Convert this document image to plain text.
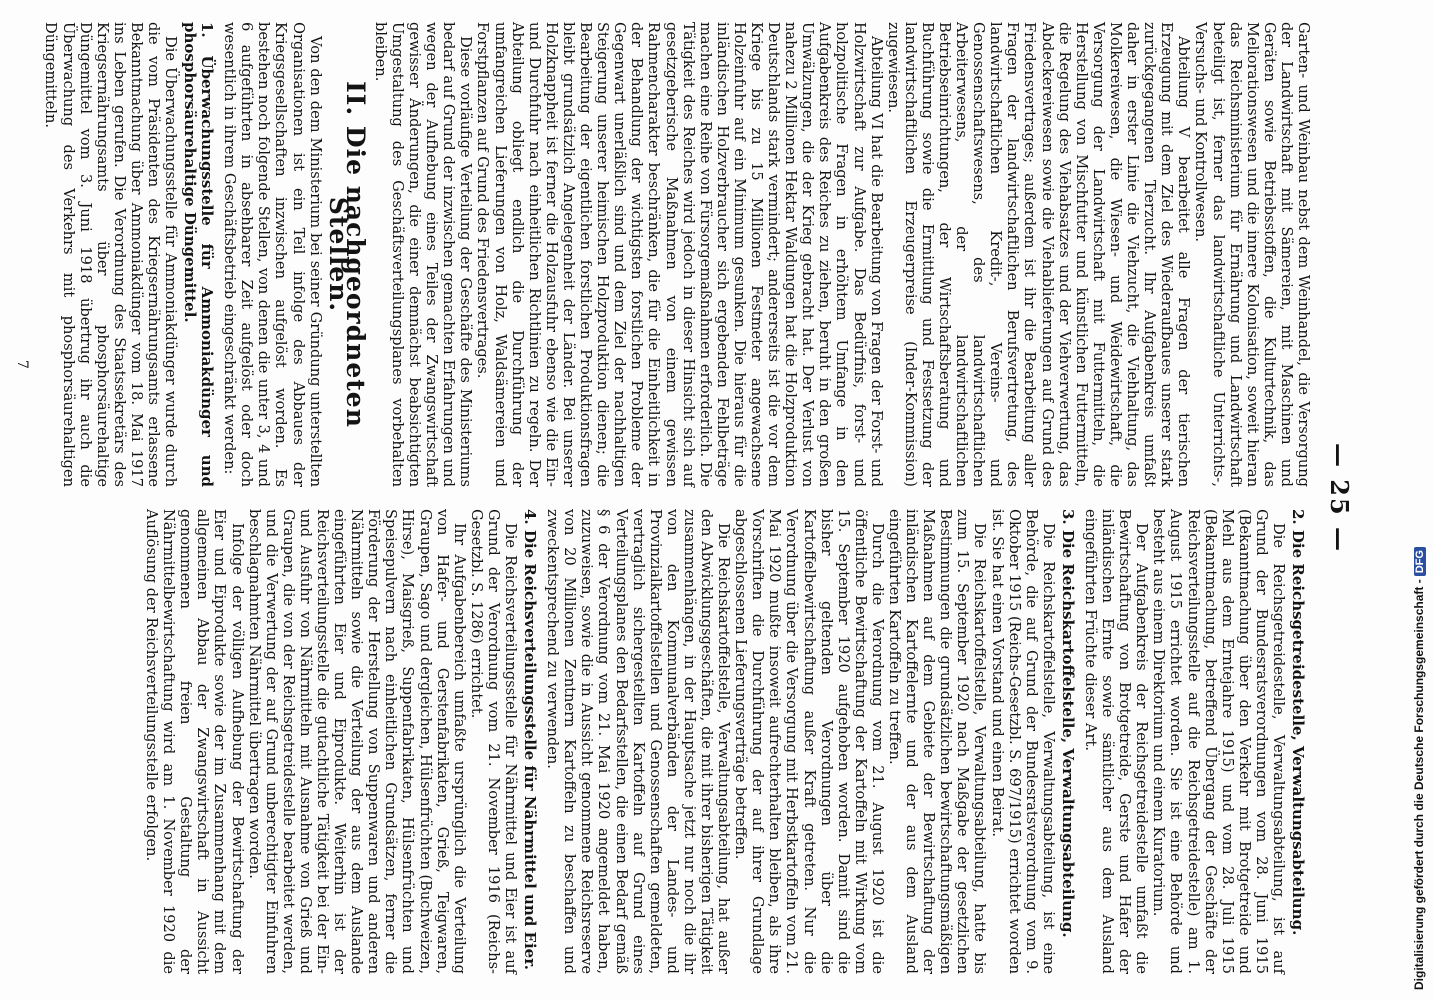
— 25 —

Garten- und Weinbau nebst dem Weinhandel, die Versorgung der Landwirtschaft mit Sämereien, mit Maschinen und Geräten sowie Betriebsstoffen, die Kulturtechnik, das Meliorationswesen und die innere Kolonisation, soweit hieran das Reichsministerium für Ernährung und Landwirtschaft beteiligt ist, ferner das landwirtschaftliche Unterrichts-, Versuchs- und Kontrollwesen.

Abteilung V bearbeitet alle Fragen der tierischen Erzeugung mit dem Ziel des Wiederaufbaues unserer stark zurückgegangenen Tierzucht. Ihr Aufgabenkreis umfaßt daher in erster Linie die Viehzucht, die Viehhaltung, das Molkereiwesen, die Wiesen- und Weidewirtschaft, die Versorgung der Landwirtschaft mit Futtermitteln, die Herstellung von Mischfutter und künstlichen Futtermitteln, die Regelung des Viehabsatzes und der Viehverwertung, das Abdeckereiwesen sowie die Viehablieferungen auf Grund des Friedensvertrages; außerdem ist ihr die Bearbeitung aller Fragen der landwirtschaftlichen Berufsvertretung, des landwirtschaftlichen Kredit-, Vereins- und Genossenschaftswesens, des landwirtschaftlichen Arbeiterwesens, der landwirtschaftlichen Betriebseinrichtungen, der Wirtschaftsberatung und Buchführung sowie die Ermittlung und Festsetzung der landwirtschaftlichen Erzeugerpreise (Inder-Kommission) zugewiesen.

Abteilung VI hat die Bearbeitung von Fragen der Forst- und Holzwirtschaft zur Aufgabe. Das Bedürfnis, forst- und holzpolitische Fragen in erhöhtem Umfange in den Aufgabenkreis des Reiches zu ziehen, beruht in den großen Umwälzungen, die der Krieg gebracht hat. Der Verlust von nahezu 2 Millionen Hektar Waldungen hat die Holzproduktion Deutschlands stark vermindert; andererseits ist die vor dem Kriege bis zu 15 Millionen Festmeter angewachsene Holzeinfuhr auf ein Minimum gesunken. Die hieraus für die inländischen Holzverbraucher sich ergebenden Fehlbeträge machen eine Reihe von Fürsorgemaßnahmen erforderlich. Die Tätigkeit des Reiches wird jedoch in dieser Hinsicht sich auf gesetzgeberische Maßnahmen von einem gewissen Rahmencharakter beschränken, die für die Einheitlichkeit in der Behandlung der wichtigsten forstlichen Probleme der Gegenwart unerläßlich sind und dem Ziel der nachhaltigen Steigerung unserer heimischen Holzproduktion dienen; die Bearbeitung der eigentlichen forstlichen Produktionsfragen bleibt grundsätzlich Angelegenheit der Länder. Bei unserer Holzknappheit ist ferner die Holzausfuhr ebenso wie die Ein- und Durchfuhr nach einheitlichen Richtlinien zu regeln. Der Abteilung obliegt endlich die Durchführung der umfangreichen Lieferungen von Holz, Waldsämereien und Forstpflanzen auf Grund des Friedensvertrages.

Diese vorläufige Verteilung der Geschäfte des Ministeriums bedarf auf Grund der inzwischen gemachten Erfahrungen und wegen der Aufhebung eines Teiles der Zwangswirtschaft gewisser Änderungen, die einer demnächst beabsichtigten Umgestaltung des Geschäftsverteilungsplanes vorbehalten bleiben.

II. Die nachgeordneten Stellen.

Von den dem Ministerium bei seiner Gründung unterstellten Organisationen ist ein Teil infolge des Abbaues der Kriegsgesellschaften inzwischen aufgelöst worden. Es bestehen noch folgende Stellen, von denen die unter 3, 4 und 6 aufgeführten in absehbarer Zeit aufgelöst oder doch wesentlich in ihrem Geschäftsbetrieb eingeschränkt werden:

1. Überwachungsstelle für Ammoniakdünger und phosphorsäurehaltige Düngemittel.

Die Überwachungsstelle für Ammoniakdünger wurde durch die vom Präsidenten des Kriegsernährungsamts erlassene Bekanntmachung über Ammoniakdünger vom 18. Mai 1917 ins Leben gerufen. Die Verordnung des Staatssekretärs des Kriegsernährungsamts über phosphorsäurehaltige Düngemittel vom 3. Juni 1918 übertrug ihr auch die Überwachung des Verkehrs mit phosphorsäurehaltigen Düngemitteln.

2. Die Reichsgetreidestelle, Verwaltungsabteilung.

Die Reichsgetreidestelle, Verwaltungsabteilung, ist auf Grund der Bundesratsverordnungen vom 28. Juni 1915 (Bekanntmachung über den Verkehr mit Brotgetreide und Mehl aus dem Erntejahre 1915) und vom 28. Juli 1915 (Bekanntmachung, betreffend Übergang der Geschäfte der Reichsverteilungsstelle auf die Reichsgetreidestelle) am 1. August 1915 errichtet worden. Sie ist eine Behörde und besteht aus einem Direktorium und einem Kuratorium.

Der Aufgabenkreis der Reichsgetreidestelle umfaßt die Bewirtschaftung von Brotgetreide, Gerste und Hafer der inländischen Ernte sowie sämtlicher aus dem Ausland eingeführten Früchte dieser Art.

3. Die Reichskartoffelstelle, Verwaltungsabteilung.

Die Reichskartoffelstelle, Verwaltungsabteilung, ist eine Behörde, die auf Grund der Bundesratsverordnung vom 9. Oktober 1915 (Reichs-Gesetzbl. S. 697/1915) errichtet worden ist. Sie hat einen Vorstand und einen Beirat.

Die Reichskartoffelstelle, Verwaltungsabteilung, hatte bis zum 15. September 1920 nach Maßgabe der gesetzlichen Bestimmungen die grundsätzlichen bewirtschaftungsmäßigen Maßnahmen auf dem Gebiete der Bewirtschaftung der inländischen Kartoffelernte und der aus dem Ausland eingeführten Kartoffeln zu treffen.

Durch die Verordnung vom 21. August 1920 ist die öffentliche Bewirtschaftung der Kartoffeln mit Wirkung vom 15. September 1920 aufgehoben worden. Damit sind die bisher geltenden Verordnungen über die Kartoffelbewirtschaftung außer Kraft getreten. Nur die Verordnung über die Versorgung mit Herbstkartoffeln vom 21. Mai 1920 mußte insoweit aufrechterhalten bleiben, als ihre Vorschriften die Durchführung der auf ihrer Grundlage abgeschlossenen Lieferungsverträge betreffen.

Die Reichskartoffelstelle, Verwaltungsabteilung, hat außer den Abwicklungsgeschäften, die mit ihrer bisherigen Tätigkeit zusammenhängen, in der Hauptsache jetzt nur noch die ihr von den Kommunalverbänden der Landes- und Provinzialkartoffelstellen und Genossenschaften gemeldeten, vertraglich sichergestellten Kartoffeln auf Grund eines Verteilungsplanes den Bedarfsstellen, die einen Bedarf gemäß § 6 der Verordnung vom 21. Mai 1920 angemeldet haben, zuzuweisen, sowie die in Aussicht genommene Reichsreserve von 20 Millionen Zentnern Kartoffeln zu beschaffen und zweckentsprechend zu verwenden.

4. Die Reichsverteilungsstelle für Nährmittel und Eier.

Die Reichsverteilungsstelle für Nährmittel und Eier ist auf Grund der Verordnung vom 21. November 1916 (Reichs-Gesetzbl. S. 1286) errichtet.

Ihr Aufgabenbereich umfaßte ursprünglich die Verteilung von Hafer- und Gerstenfabrikaten, Grieß, Teigwaren, Graupen, Sago und dergleichen, Hülsenfrüchten (Buchweizen, Hirse), Maisgrieß, Suppenfabrikaten, Hülsenfrüchten und Speisepulvern nach einheitlichen Grundsätzen, ferner die Förderung der Herstellung von Suppenwaren und anderen Nährmitteln sowie die Verteilung der aus dem Auslande eingeführten Eier und Eiprodukte. Weiterhin ist der Reichsverteilungsstelle die gutachtliche Tätigkeit bei der Ein- und Ausfuhr von Nährmitteln mit Ausnahme von Grieß und Graupen, die von der Reichsgetreidestelle bearbeitet werden, und die Verwertung der auf Grund unberechtigter Einfuhren beschlagnahmten Nährmittel übertragen worden.

Infolge der völligen Aufhebung der Bewirtschaftung der Eier und Eiprodukte sowie der im Zusammenhang mit dem allgemeinen Abbau der Zwangswirtschaft in Aussicht genommenen freien Gestaltung der Nährmittelbewirtschaftung wird am 1. November 1920 die Auflösung der Reichsverteilungsstelle erfolgen.

7
Digitalisierung gefördert durch die Deutsche Forschungsgemeinschaft -DFG
